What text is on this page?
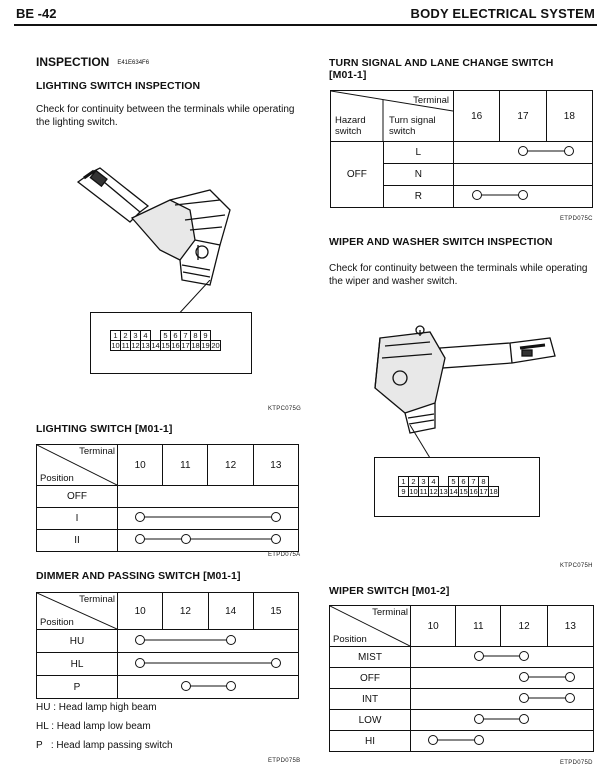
BE -42	BODY ELECTRICAL SYSTEM
INSPECTION E41E634F6
LIGHTING SWITCH INSPECTION
Check for continuity between the terminals while operating
the lighting switch.
1	2	3	4		5	6	7	8	9	
10	11	12	13	14	15	16	17	18	19	20
KTPC075G
LIGHTING SWITCH [M01-1]
Terminal
Position	10	11	12	13
OFF				
I	
II	
ETPD075A
DIMMER AND PASSING SWITCH [M01-1]
Terminal
Position	10	12	14	15
HU	
HL	
P	
HU : Head lamp high beam
HL : Head lamp low beam
P   : Head lamp passing switch
ETPD075B
TURN SIGNAL AND LANE CHANGE SWITCH
[M01-1]
Terminal
Hazard
switch
Turn signal
switch		16	17	18

OFF	L	
	N			
	R	
ETPD075C
WIPER AND WASHER SWITCH INSPECTION
Check for continuity between the terminals while operating
the wiper and washer switch.
1	2	3	4		5	6	7	8	
9	10	11	12	13	14	15	16	17	18
KTPC075H
WIPER SWITCH [M01-2]
Terminal
Position	10	11	12	13
MIST	
OFF	
INT	
LOW	
HI	
ETPD075D
